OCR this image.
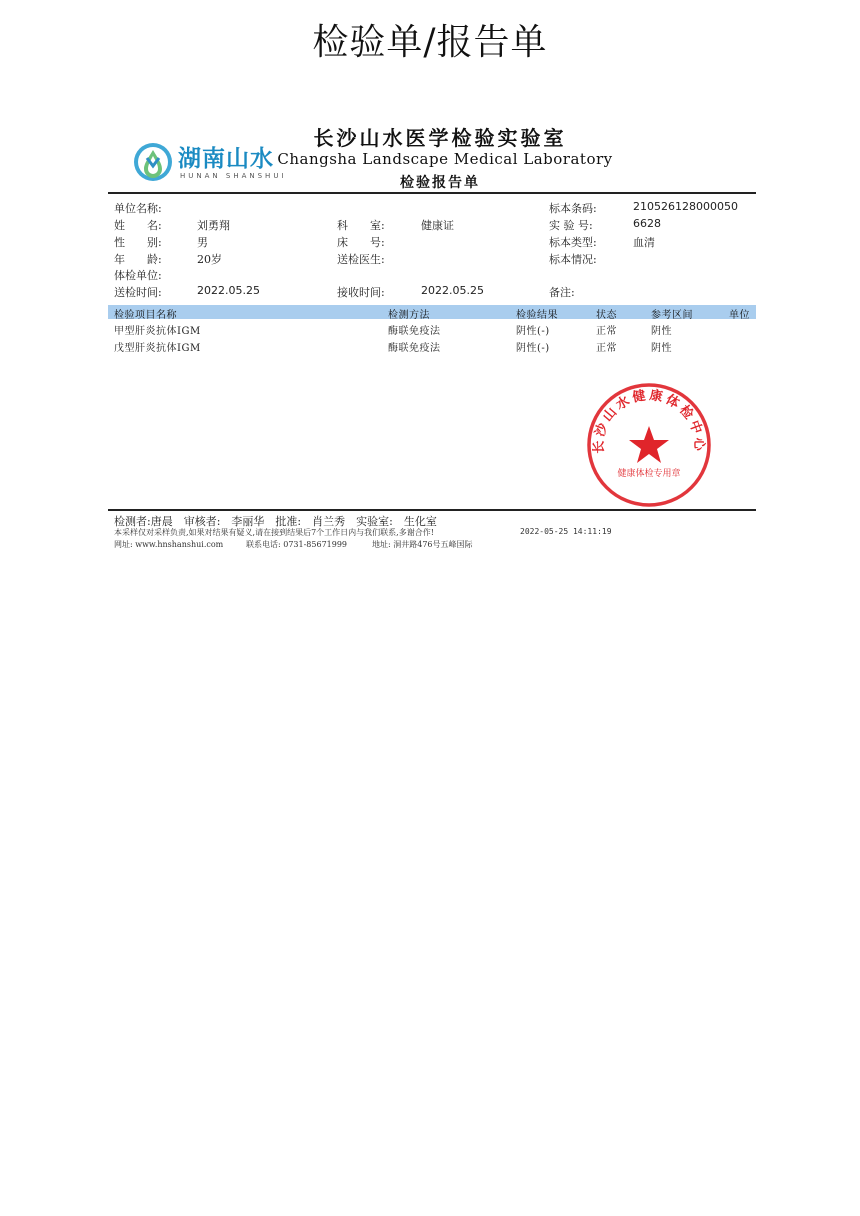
检验单/报告单
湖南山水
HUNAN SHANSHUI
长沙山水医学检验实验室
Changsha Landscape Medical Laboratory
检验报告单
单位名称:
姓　　名:	刘勇翔
性　　别:	男
年　　龄:	20岁
体检单位:
送检时间:	2022.05.25
科　　室:	健康证
床　　号:
送检医生:
接收时间:	2022.05.25
标本条码:	210526128000050
实 验 号:	6628
标本类型:	血清
标本情况:
备注:
检验项目名称	检测方法	检验结果	状态	参考区间	单位
甲型肝炎抗体IGM	酶联免疫法	阴性(-)	正常	阴性
戊型肝炎抗体IGM	酶联免疫法	阴性(-)	正常	阴性
长沙山水健康体检中心
健康体检专用章
检测者:唐晨　审核者:　李丽华　批准:　肖兰秀　实验室:　生化室
本采样仅对采样负责,如果对结果有疑义,请在接到结果后7个工作日内与我们联系,多谢合作!	2022-05-25 14:11:19
网址: www.hnshanshui.com	联系电话: 0731-85671999	地址: 洞井路476号五峰国际
